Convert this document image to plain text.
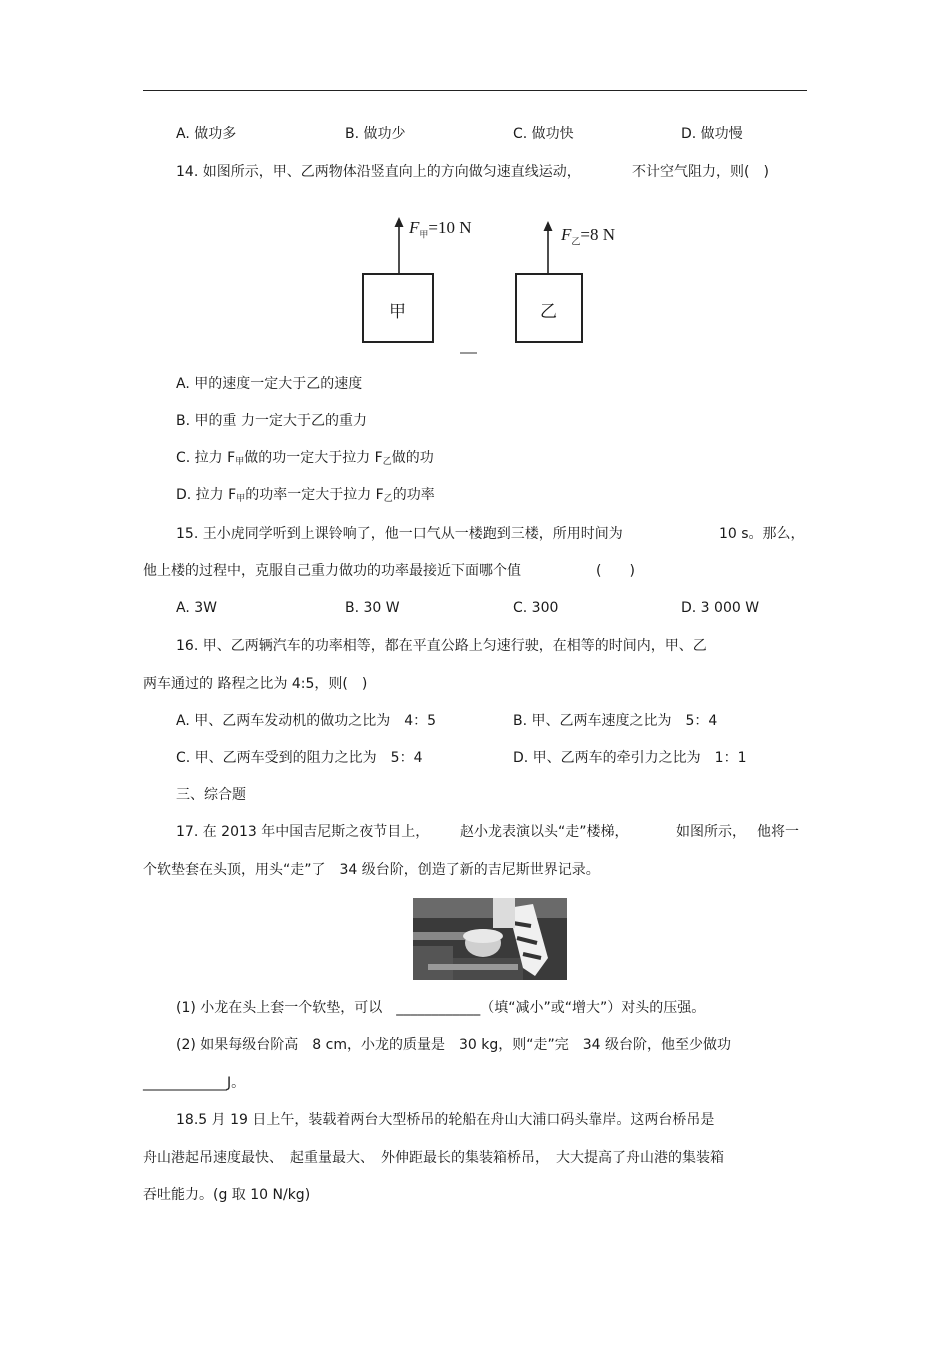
A. 做功多	B. 做功少	C. 做功快	D. 做功慢
14. 如图所示，甲、乙两物体沿竖直向上的方向做匀速直线运动，	不计空气阻力，则(　)
甲	乙
$F_甲=10$ N	$F_乙=8$ N
A. 甲的速度一定大于乙的速度
B. 甲的重 力一定大于乙的重力
C. 拉力 $F_甲$做的功一定大于拉力 $F_乙$做的功
D. 拉力 $F_甲$的功率一定大于拉力 $F_乙$的功率
15. 王小虎同学听到上课铃响了，他一口气从一楼跑到三楼，所用时间为	10 s。那么，
他上楼的过程中，克服自己重力做功的功率最接近下面哪个值	(　　)
A. 3W	B. 30 W	C. 300	D. 3 000 W
16. 甲、乙两辆汽车的功率相等，都在平直公路上匀速行驶，在相等的时间内，甲、乙
两车通过的 路程之比为 4:5，则(　)
A. 甲、乙两车发动机的做功之比为　4：5	B. 甲、乙两车速度之比为　5：4
C. 甲、乙两车受到的阻力之比为　5：4	D. 甲、乙两车的牵引力之比为　1：1
三、综合题
17. 在 2013 年中国吉尼斯之夜节目上， 赵小龙表演以头“走”楼梯，	如图所示， 他将一
个软垫套在头顶，用头“走”了　34 级台阶，创造了新的吉尼斯世界记录。
(1) 小龙在头上套一个软垫，可以　____________（填“减小”或“增大”）对头的压强。
(2) 如果每级台阶高　8 cm，小龙的质量是　30 kg，则“走”完　34 级台阶，他至少做功
____________J。
18.5 月 19 日上午，装载着两台大型桥吊的轮船在舟山大浦口码头靠岸。这两台桥吊是
舟山港起吊速度最快、　起重量最大、　外伸距最长的集装箱桥吊，　大大提高了舟山港的集装箱
吞吐能力。(g 取 10 N/kg)
